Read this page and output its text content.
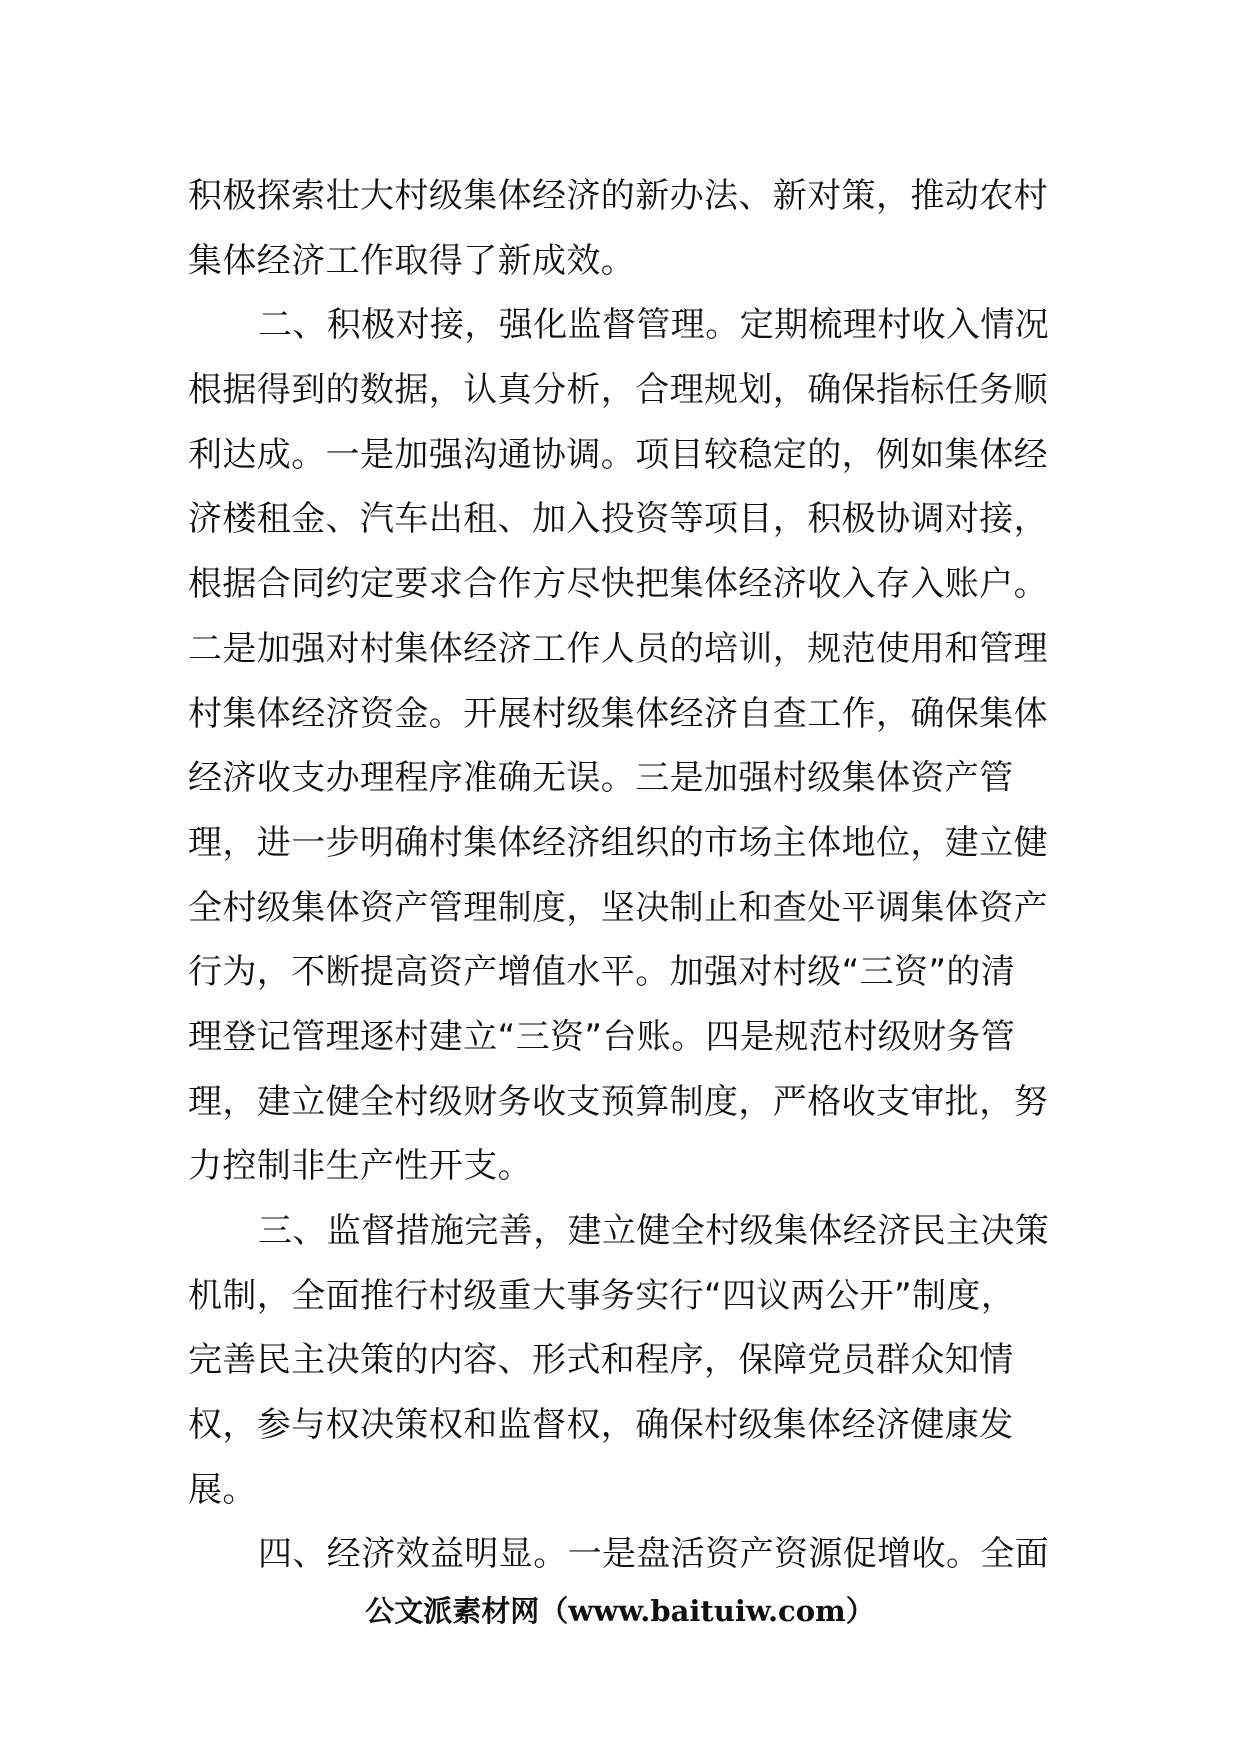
积极探索壮大村级集体经济的新办法、新对策，推动农村
集体经济工作取得了新成效。
二、积极对接，强化监督管理。定期梳理村收入情况
根据得到的数据，认真分析，合理规划，确保指标任务顺
利达成。一是加强沟通协调。项目较稳定的，例如集体经
济楼租金、汽车出租、加入投资等项目，积极协调对接，
根据合同约定要求合作方尽快把集体经济收入存入账户。
二是加强对村集体经济工作人员的培训，规范使用和管理
村集体经济资金。开展村级集体经济自查工作，确保集体
经济收支办理程序准确无误。三是加强村级集体资产管
理，进一步明确村集体经济组织的市场主体地位，建立健
全村级集体资产管理制度，坚决制止和查处平调集体资产
行为，不断提高资产增值水平。加强对村级“三资”的清
理登记管理逐村建立“三资”台账。四是规范村级财务管
理，建立健全村级财务收支预算制度，严格收支审批，努
力控制非生产性开支。
三、监督措施完善，建立健全村级集体经济民主决策
机制，全面推行村级重大事务实行“四议两公开”制度，
完善民主决策的内容、形式和程序，保障党员群众知情
权，参与权决策权和监督权，确保村级集体经济健康发
展。
四、经济效益明显。一是盘活资产资源促增收。全面
公文派素材网（www.baituiw.com）
